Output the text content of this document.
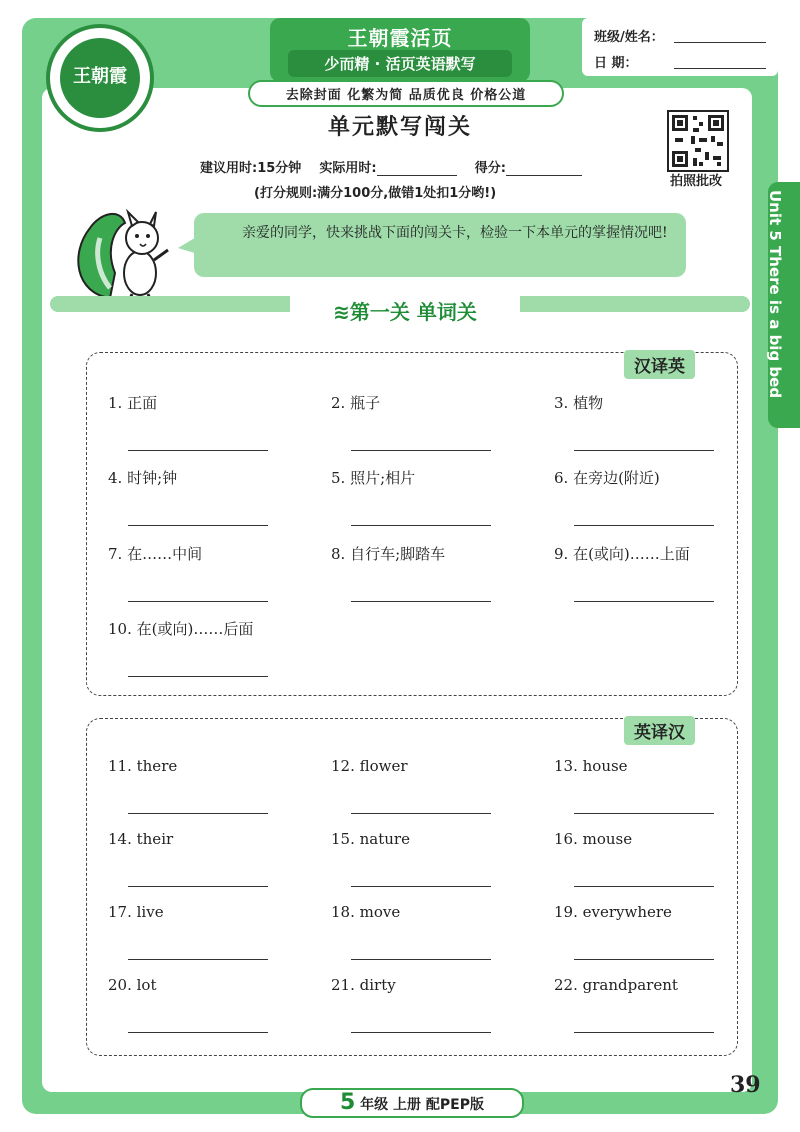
王朝霞活页
少而精 · 活页英语默写
去除封面 化繁为简 品质优良 价格公道
王朝霞
班级/姓名：
日 期：
单元默写闯关
建议用时:15分钟 实际用时:	得分:
(打分规则:满分100分,做错1处扣1分哟!)
拍照批改
Unit 5 There is a big bed
亲爱的同学，快来挑战下面的闯关卡，检验一下本单元的掌握情况吧!
≋第一关 单词关
汉译英
1. 正面	2. 瓶子	3. 植物
4. 时钟;钟	5. 照片;相片	6. 在旁边(附近)
7. 在……中间	8. 自行车;脚踏车	9. 在(或向)……上面
10. 在(或向)……后面
英译汉
11. there	12. flower	13. house
14. their	15. nature	16. mouse
17. live	18. move	19. everywhere
20. lot	21. dirty	22. grandparent
5 年级 上册 配PEP版
39
